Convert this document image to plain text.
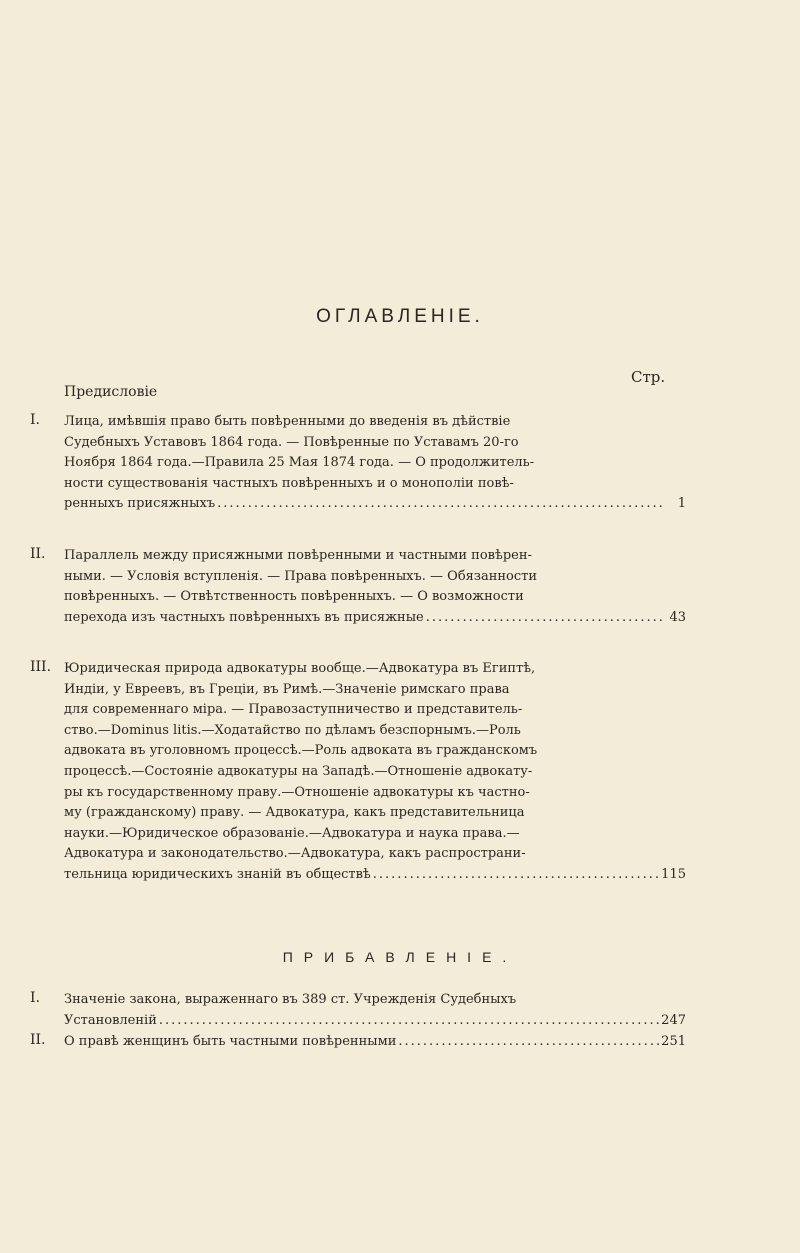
ОГЛАВЛЕНІЕ.
Стр.
Предисловіе
I.	Лица, имѣвшія право быть повѣренными до введенія въ дѣйствіе
Судебныхъ Уставовъ 1864 года. — Повѣренные по Уставамъ 20-го
Ноября 1864 года.—Правила 25 Мая 1874 года. — О продолжитель-
ности существованія частныхъ повѣренныхъ и о монополіи повѣ-
ренныхъ присяжныхъ .....	1
II.	Параллель между присяжными повѣренными и частными повѣрен-
ными. — Условія вступленія. — Права повѣренныхъ. — Обязанности
повѣренныхъ. — Отвѣтственность повѣренныхъ. — О возможности
перехода изъ частныхъ повѣренныхъ въ присяжные .....	43
III. Юридическая природа адвокатуры вообще.—Адвокатура въ Египтѣ,
Индіи, у Евреевъ, въ Греціи, въ Римѣ.—Значеніе римскаго права
для современнаго міра. — Правозаступничество и представитель-
ство.—Dominus litis.—Ходатайство по дѣламъ безспорнымъ.—Роль
адвоката въ уголовномъ процессѣ.—Роль адвоката въ гражданскомъ
процессѣ.—Состояніе адвокатуры на Западѣ.—Отношеніе адвокату-
ры къ государственному праву.—Отношеніе адвокатуры къ частно-
му (гражданскому) праву. — Адвокатура, какъ представительница
науки.—Юридическое образованіе.—Адвокатура и наука права.—
Адвокатура и законодательство.—Адвокатура, какъ распространи-
тельница юридическихъ знаній въ обществѣ .....	115
ПРИБАВЛЕНІЕ.
I.	Значеніе закона, выраженнаго въ 389 ст. Учрежденія Судебныхъ
Установленій .....	247
II.	О правѣ женщинъ быть частными повѣренными .....	251
